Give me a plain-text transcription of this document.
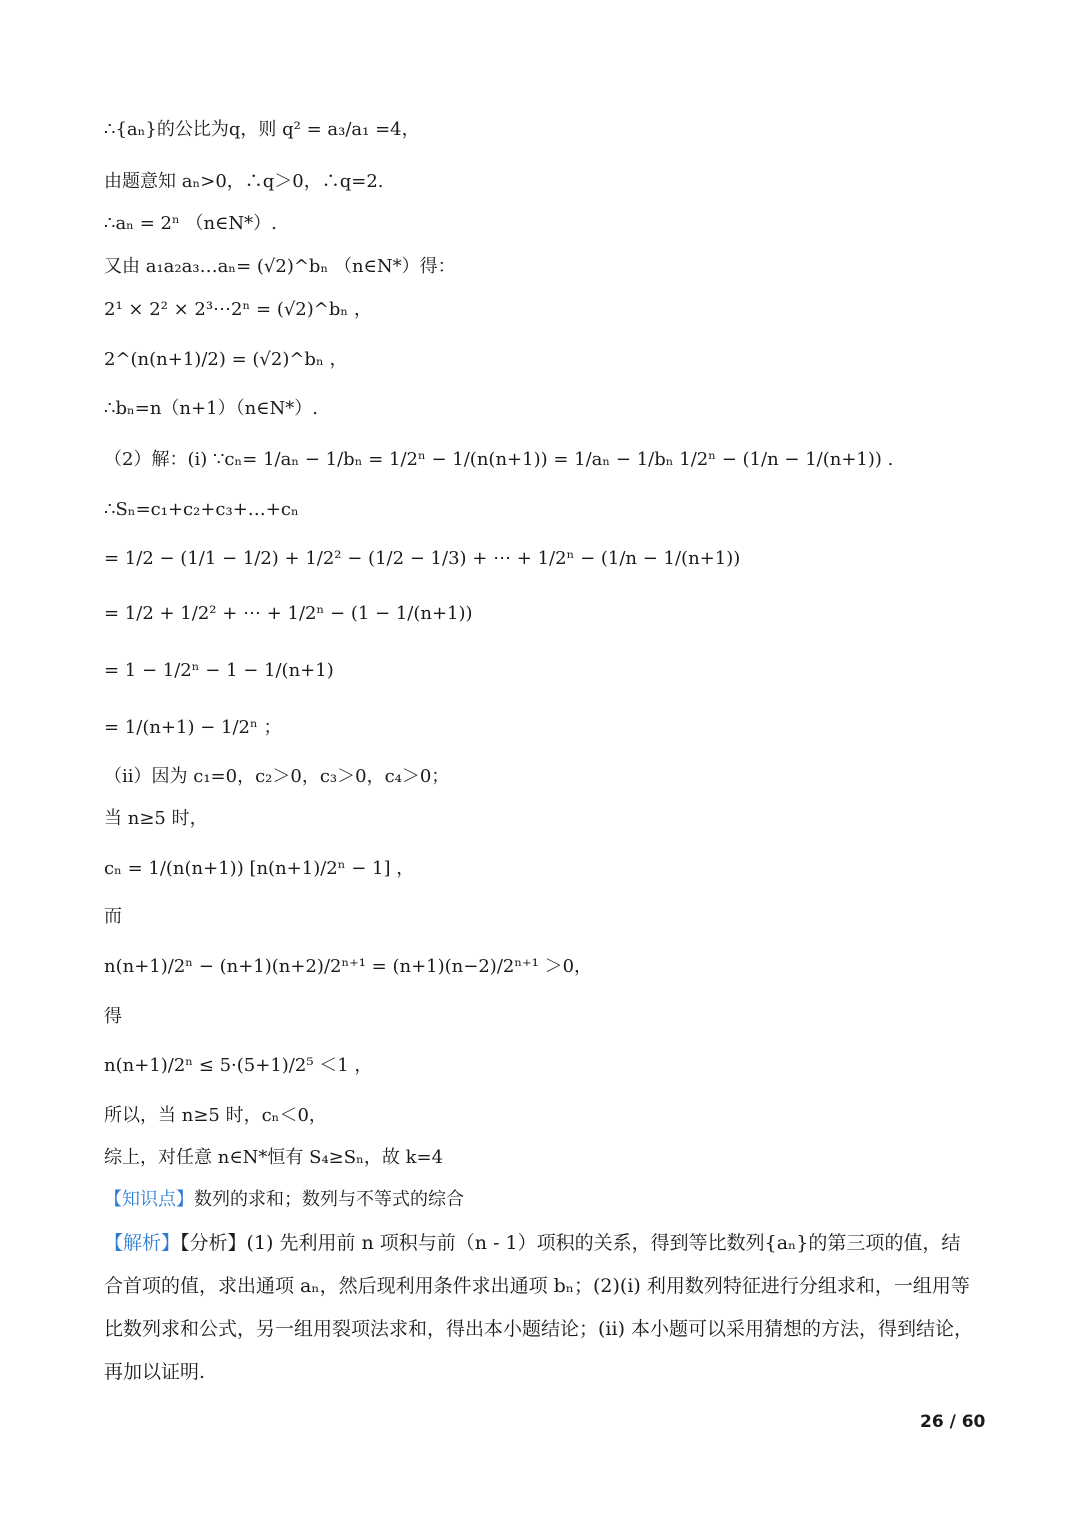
∴{aₙ}的公比为q，则 q² = a₃/a₁ =4，
由题意知 aₙ>0，∴q＞0，∴q=2.
∴aₙ = 2ⁿ （n∈N*）.
又由 a₁a₂a₃…aₙ= (√2)^bₙ （n∈N*）得：
2¹ × 2² × 2³⋯2ⁿ = (√2)^bₙ ，
2^(n(n+1)/2) = (√2)^bₙ ，
∴bₙ=n（n+1）（n∈N*）.
（2）解：(i) ∵cₙ= 1/aₙ − 1/bₙ = 1/2ⁿ − 1/(n(n+1)) = 1/aₙ − 1/bₙ 1/2ⁿ − (1/n − 1/(n+1)) .
∴Sₙ=c₁+c₂+c₃+…+cₙ
= 1/2 − (1/1 − 1/2) + 1/2² − (1/2 − 1/3) + ⋯ + 1/2ⁿ − (1/n − 1/(n+1))
= 1/2 + 1/2² + ⋯ + 1/2ⁿ − (1 − 1/(n+1))
= 1 − 1/2ⁿ − 1 − 1/(n+1)
= 1/(n+1) − 1/2ⁿ ；
（ii）因为 c₁=0，c₂＞0，c₃＞0，c₄＞0；
当 n≥5 时，
cₙ = 1/(n(n+1)) [n(n+1)/2ⁿ − 1] ，
而
n(n+1)/2ⁿ − (n+1)(n+2)/2ⁿ⁺¹ = (n+1)(n−2)/2ⁿ⁺¹ ＞0，
得
n(n+1)/2ⁿ ≤ 5·(5+1)/2⁵ ＜1 ，
所以，当 n≥5 时，cₙ＜0，
综上，对任意 n∈N*恒有 S₄≥Sₙ，故 k=4
【知识点】数列的求和；数列与不等式的综合
【解析】【分析】(1) 先利用前 n 项积与前（n - 1）项积的关系，得到等比数列{aₙ}的第三项的值，结合首项的值，求出通项 aₙ，然后现利用条件求出通项 bₙ；(2)(i) 利用数列特征进行分组求和，一组用等比数列求和公式，另一组用裂项法求和，得出本小题结论；(ii) 本小题可以采用猜想的方法，得到结论，再加以证明.
26 / 60
